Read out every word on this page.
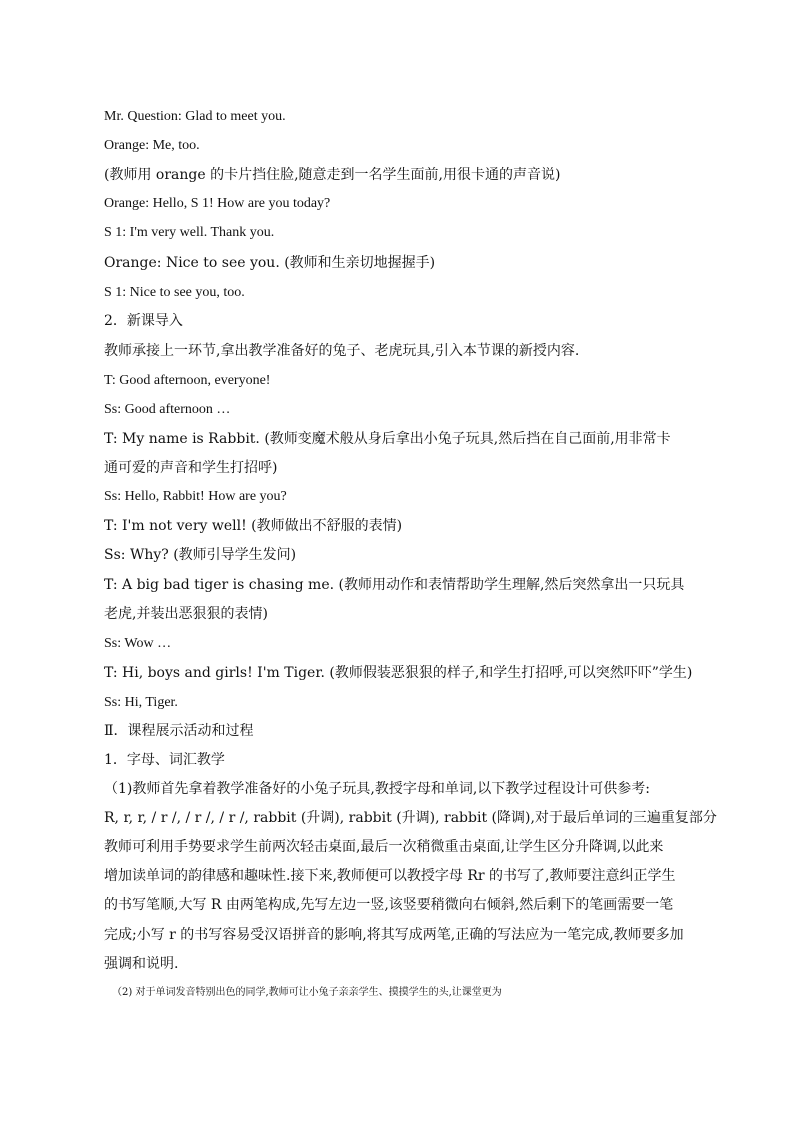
Mr. Question: Glad to meet you.
Orange: Me, too.
(教师用 orange 的卡片挡住脸,随意走到一名学生面前,用很卡通的声音说)
Orange: Hello, S 1! How are you today?
S 1: I'm very well. Thank you.
Orange: Nice to see you. (教师和生亲切地握握手)
S 1: Nice to see you, too.
2．新课导入
教师承接上一环节,拿出教学准备好的兔子、老虎玩具,引入本节课的新授内容.
T: Good afternoon, everyone!
Ss: Good afternoon …
T: My name is Rabbit. (教师变魔术般从身后拿出小兔子玩具,然后挡在自己面前,用非常卡
通可爱的声音和学生打招呼)
Ss: Hello, Rabbit! How are you?
T: I'm not very well! (教师做出不舒服的表情)
Ss: Why? (教师引导学生发问)
T: A big bad tiger is chasing me. (教师用动作和表情帮助学生理解,然后突然拿出一只玩具
老虎,并装出恶狠狠的表情)
Ss: Wow …
T: Hi, boys and girls! I'm Tiger. (教师假装恶狠狠的样子,和学生打招呼,可以突然吓吓”学生)
Ss: Hi, Tiger.
Ⅱ．课程展示活动和过程
1．字母、词汇教学
（1)教师首先拿着教学准备好的小兔子玩具,教授字母和单词,以下教学过程设计可供参考:
R, r, r, / r /, / r /, / r /, rabbit (升调), rabbit (升调), rabbit (降调),对于最后单词的三遍重复部分
教师可利用手势要求学生前两次轻击桌面,最后一次稍微重击桌面,让学生区分升降调,以此来
增加读单词的韵律感和趣味性.接下来,教师便可以教授字母 Rr 的书写了,教师要注意纠正学生
的书写笔顺,大写 R 由两笔构成,先写左边一竖,该竖要稍微向右倾斜,然后剩下的笔画需要一笔
完成;小写 r 的书写容易受汉语拼音的影响,将其写成两笔,正确的写法应为一笔完成,教师要多加
强调和说明.
（2) 对于单词发音特别出色的同学,教师可让小兔子亲亲学生、摸摸学生的头,让课堂更为
